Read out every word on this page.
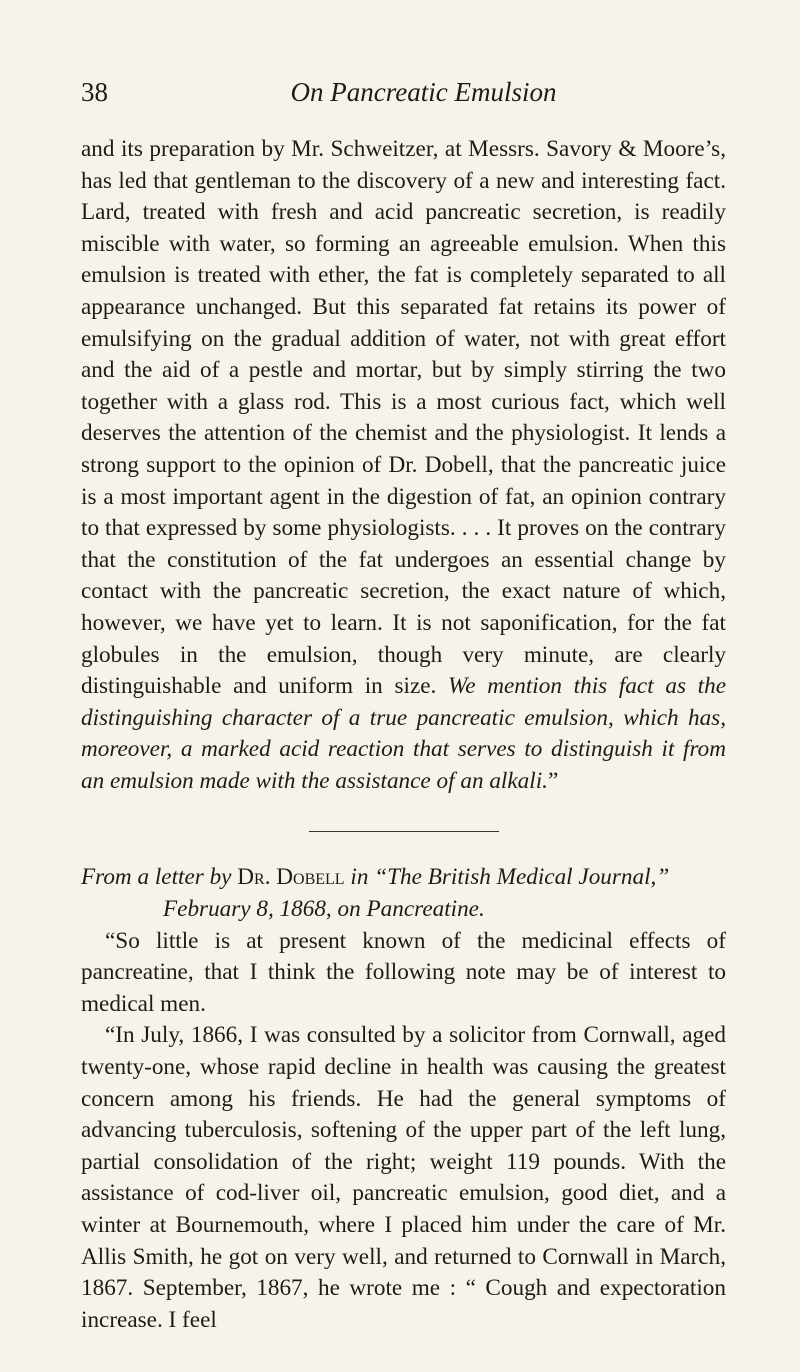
38	On Pancreatic Emulsion

and its preparation by Mr. Schweitzer, at Messrs. Savory & Moore’s, has led that gentleman to the discovery of a new and interesting fact. Lard, treated with fresh and acid pancreatic secretion, is readily miscible with water, so forming an agreeable emulsion. When this emulsion is treated with ether, the fat is completely separated to all appearance unchanged. But this separated fat retains its power of emulsifying on the gradual addition of water, not with great effort and the aid of a pestle and mortar, but by simply stirring the two together with a glass rod. This is a most curious fact, which well deserves the attention of the chemist and the physiologist. It lends a strong support to the opinion of Dr. Dobell, that the pancreatic juice is a most important agent in the digestion of fat, an opinion contrary to that expressed by some physiologists. . . . It proves on the contrary that the constitution of the fat undergoes an essential change by contact with the pancreatic secretion, the exact nature of which, however, we have yet to learn. It is not saponification, for the fat globules in the emulsion, though very minute, are clearly distinguishable and uniform in size. We mention this fact as the distinguishing character of a true pancreatic emulsion, which has, moreover, a marked acid reaction that serves to distinguish it from an emulsion made with the assistance of an alkali.”

From a letter by Dr. Dobell in “The British Medical Journal,”
February 8, 1868, on Pancreatine.

“So little is at present known of the medicinal effects of pancreatine, that I think the following note may be of interest to medical men.

“In July, 1866, I was consulted by a solicitor from Cornwall, aged twenty-one, whose rapid decline in health was causing the greatest concern among his friends. He had the general symptoms of advancing tuberculosis, softening of the upper part of the left lung, partial consolidation of the right; weight 119 pounds. With the assistance of cod-liver oil, pancreatic emulsion, good diet, and a winter at Bournemouth, where I placed him under the care of Mr. Allis Smith, he got on very well, and returned to Cornwall in March, 1867. September, 1867, he wrote me : “ Cough and expectoration increase. I feel
